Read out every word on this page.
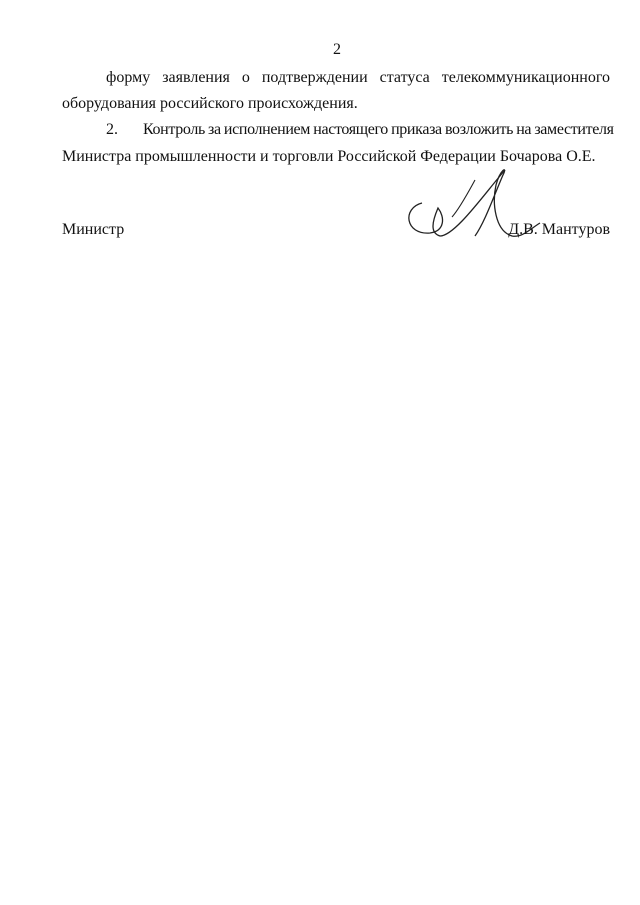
2
форму заявления о подтверждении статуса телекоммуникационного
оборудования российского происхождения.
2. Контроль за исполнением настоящего приказа возложить на заместителя
Министра промышленности и торговли Российской Федерации Бочарова О.Е.
Министр	Д.В. Мантуров
